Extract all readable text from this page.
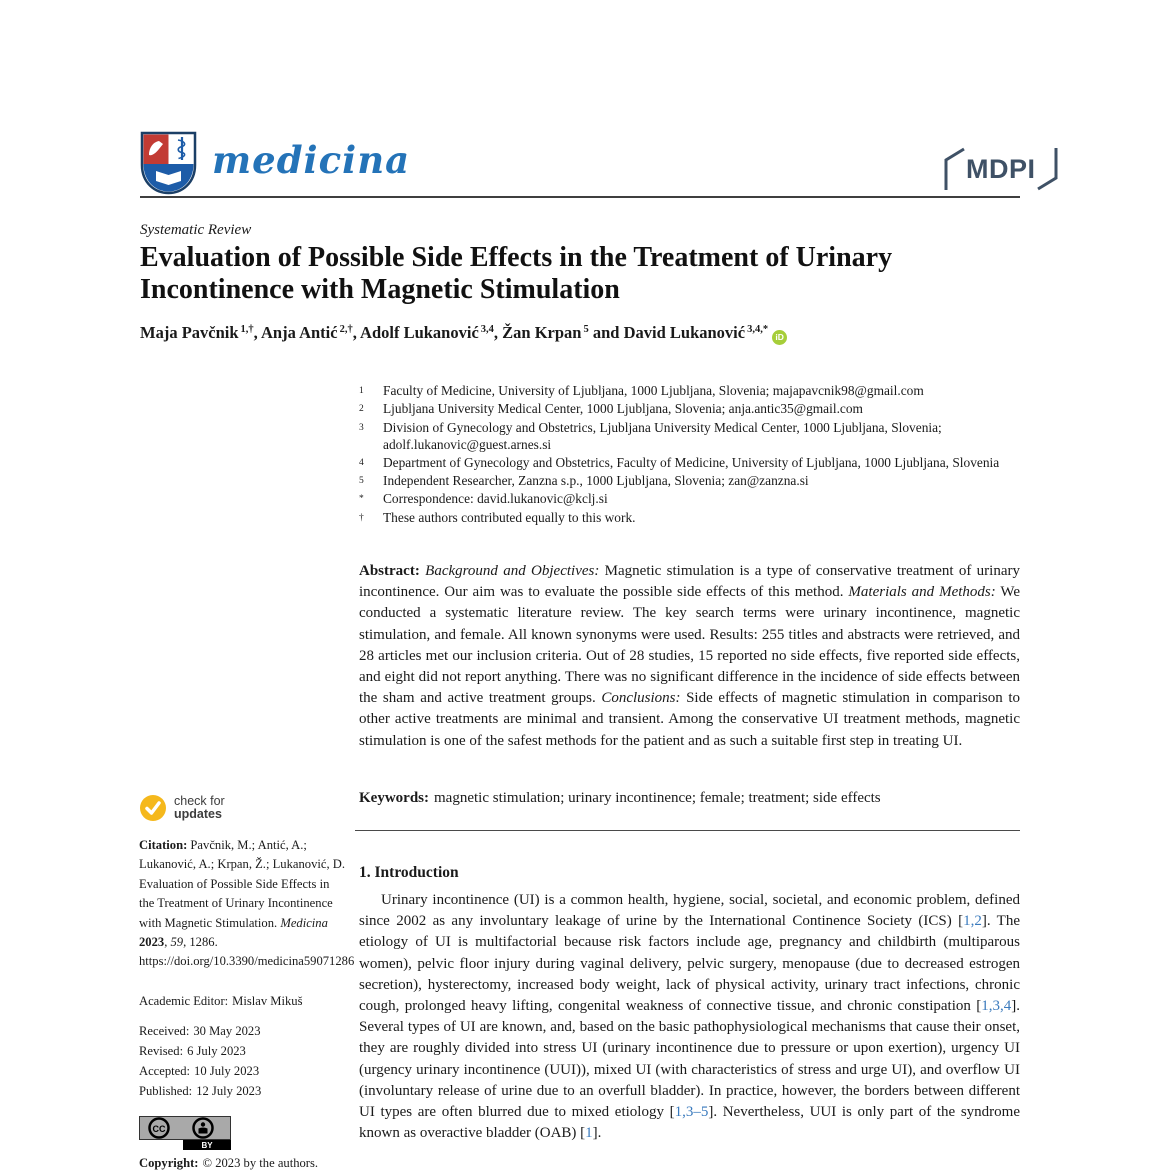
medicina	MDPI
Systematic Review
Evaluation of Possible Side Effects in the Treatment of Urinary Incontinence with Magnetic Stimulation
Maja Pavčnik $^{1,\dagger}$, Anja Antić $^{2,\dagger}$, Adolf Lukanović $^{3,4}$, Žan Krpan $^5$ and David Lukanović $^{3,4,*}$iD
1	Faculty of Medicine, University of Ljubljana, 1000 Ljubljana, Slovenia; majapavcnik98@gmail.com
2	Ljubljana University Medical Center, 1000 Ljubljana, Slovenia; anja.antic35@gmail.com
3	Division of Gynecology and Obstetrics, Ljubljana University Medical Center, 1000 Ljubljana, Slovenia; adolf.lukanovic@guest.arnes.si
4	Department of Gynecology and Obstetrics, Faculty of Medicine, University of Ljubljana, 1000 Ljubljana, Slovenia
5	Independent Researcher, Zanzna s.p., 1000 Ljubljana, Slovenia; zan@zanzna.si
*	Correspondence: david.lukanovic@kclj.si
†	These authors contributed equally to this work.
Abstract: Background and Objectives: Magnetic stimulation is a type of conservative treatment of urinary incontinence. Our aim was to evaluate the possible side effects of this method. Materials and Methods: We conducted a systematic literature review. The key search terms were urinary incontinence, magnetic stimulation, and female. All known synonyms were used. Results: 255 titles and abstracts were retrieved, and 28 articles met our inclusion criteria. Out of 28 studies, 15 reported no side effects, five reported side effects, and eight did not report anything. There was no significant difference in the incidence of side effects between the sham and active treatment groups. Conclusions: Side effects of magnetic stimulation in comparison to other active treatments are minimal and transient. Among the conservative UI treatment methods, magnetic stimulation is one of the safest methods for the patient and as such a suitable first step in treating UI.
Keywords: magnetic stimulation; urinary incontinence; female; treatment; side effects
1. Introduction
Urinary incontinence (UI) is a common health, hygiene, social, societal, and economic problem, defined since 2002 as any involuntary leakage of urine by the International Continence Society (ICS) [1,2]. The etiology of UI is multifactorial because risk factors include age, pregnancy and childbirth (multiparous women), pelvic floor injury during vaginal delivery, pelvic surgery, menopause (due to decreased estrogen secretion), hysterectomy, increased body weight, lack of physical activity, urinary tract infections, chronic cough, prolonged heavy lifting, congenital weakness of connective tissue, and chronic constipation [1,3,4]. Several types of UI are known, and, based on the basic pathophysiological mechanisms that cause their onset, they are roughly divided into stress UI (urinary incontinence due to pressure or upon exertion), urgency UI (urgency urinary incontinence (UUI)), mixed UI (with characteristics of stress and urge UI), and overflow UI (involuntary release of urine due to an overfull bladder). In practice, however, the borders between different UI types are often blurred due to mixed etiology [1,3–5]. Nevertheless, UUI is only part of the syndrome known as overactive bladder (OAB) [1].
check for
updates
Citation: Pavčnik, M.; Antić, A.; Lukanović, A.; Krpan, Ž.; Lukanović, D. Evaluation of Possible Side Effects in the Treatment of Urinary Incontinence with Magnetic Stimulation. Medicina 2023, 59, 1286. https://doi.org/10.3390/medicina59071286
Academic Editor: Mislav Mikuš
Received: 30 May 2023
Revised: 6 July 2023
Accepted: 10 July 2023
Published: 12 July 2023
CC
BY
Copyright: © 2023 by the authors.
